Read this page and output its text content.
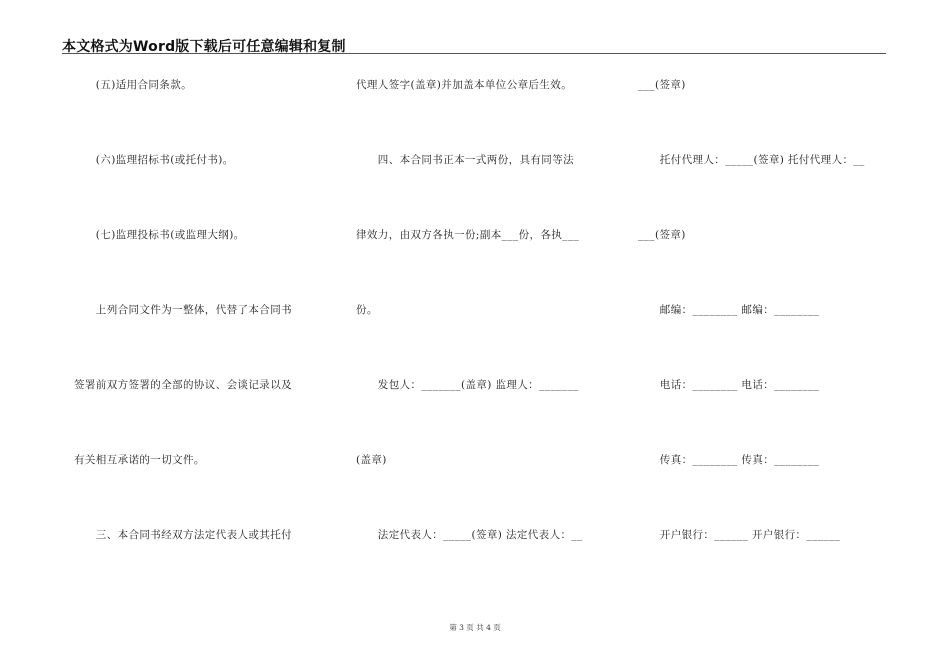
本文格式为Word版下载后可任意编辑和复制
　　(五)适用合同条款。
　　(六)监理招标书(或托付书)。
　　(七)监理投标书(或监理大纲)。
　　上列合同文件为一整体，代替了本合同书
签署前双方签署的全部的协议、会谈记录以及
有关相互承诺的一切文件。
　　三、本合同书经双方法定代表人或其托付
代理人签字(盖章)并加盖本单位公章后生效。
　　四、本合同书正本一式两份，具有同等法
律效力，由双方各执一份;副本___份，各执___
份。
　　发包人：_______(盖章) 监理人：_______
(盖章)
　　法定代表人：_____(签章) 法定代表人：__
___(签章)
　　托付代理人：_____(签章) 托付代理人：__
___(签章)
　　邮编：________ 邮编：________
　　电话：________ 电话：________
　　传真：________ 传真：________
　　开户银行：______ 开户银行：______
第 3 页 共 4 页
